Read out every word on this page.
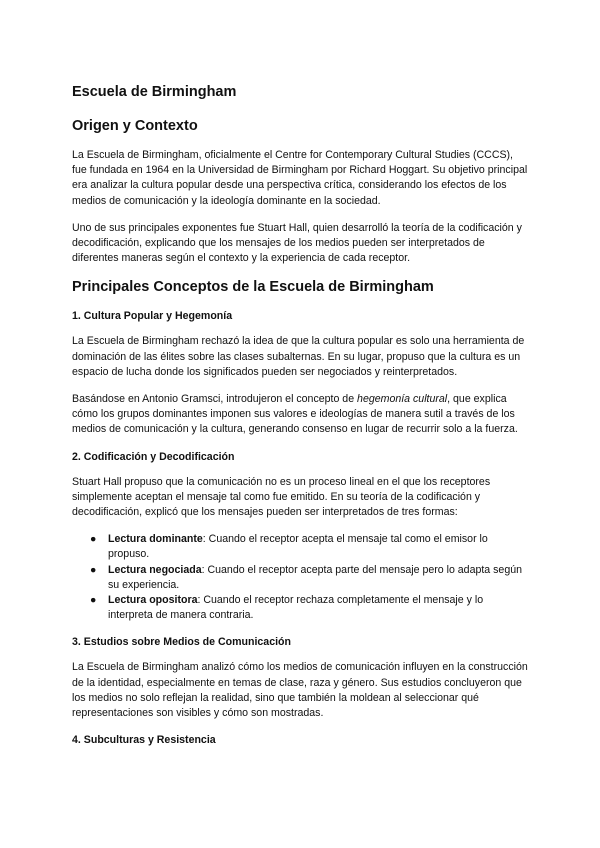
Escuela de Birmingham
Origen y Contexto

La Escuela de Birmingham, oficialmente el Centre for Contemporary Cultural Studies (CCCS), fue fundada en 1964 en la Universidad de Birmingham por Richard Hoggart. Su objetivo principal era analizar la cultura popular desde una perspectiva crítica, considerando los efectos de los medios de comunicación y la ideología dominante en la sociedad.

Uno de sus principales exponentes fue Stuart Hall, quien desarrolló la teoría de la codificación y decodificación, explicando que los mensajes de los medios pueden ser interpretados de diferentes maneras según el contexto y la experiencia de cada receptor.

Principales Conceptos de la Escuela de Birmingham
1. Cultura Popular y Hegemonía

La Escuela de Birmingham rechazó la idea de que la cultura popular es solo una herramienta de dominación de las élites sobre las clases subalternas. En su lugar, propuso que la cultura es un espacio de lucha donde los significados pueden ser negociados y reinterpretados.

Basándose en Antonio Gramsci, introdujeron el concepto de hegemonía cultural, que explica cómo los grupos dominantes imponen sus valores e ideologías de manera sutil a través de los medios de comunicación y la cultura, generando consenso en lugar de recurrir solo a la fuerza.

2. Codificación y Decodificación

Stuart Hall propuso que la comunicación no es un proceso lineal en el que los receptores simplemente aceptan el mensaje tal como fue emitido. En su teoría de la codificación y decodificación, explicó que los mensajes pueden ser interpretados de tres formas:

● Lectura dominante: Cuando el receptor acepta el mensaje tal como el emisor lo propuso.
● Lectura negociada: Cuando el receptor acepta parte del mensaje pero lo adapta según su experiencia.
● Lectura opositora: Cuando el receptor rechaza completamente el mensaje y lo interpreta de manera contraria.
3. Estudios sobre Medios de Comunicación

La Escuela de Birmingham analizó cómo los medios de comunicación influyen en la construcción de la identidad, especialmente en temas de clase, raza y género. Sus estudios concluyeron que los medios no solo reflejan la realidad, sino que también la moldean al seleccionar qué representaciones son visibles y cómo son mostradas.

4. Subculturas y Resistencia
